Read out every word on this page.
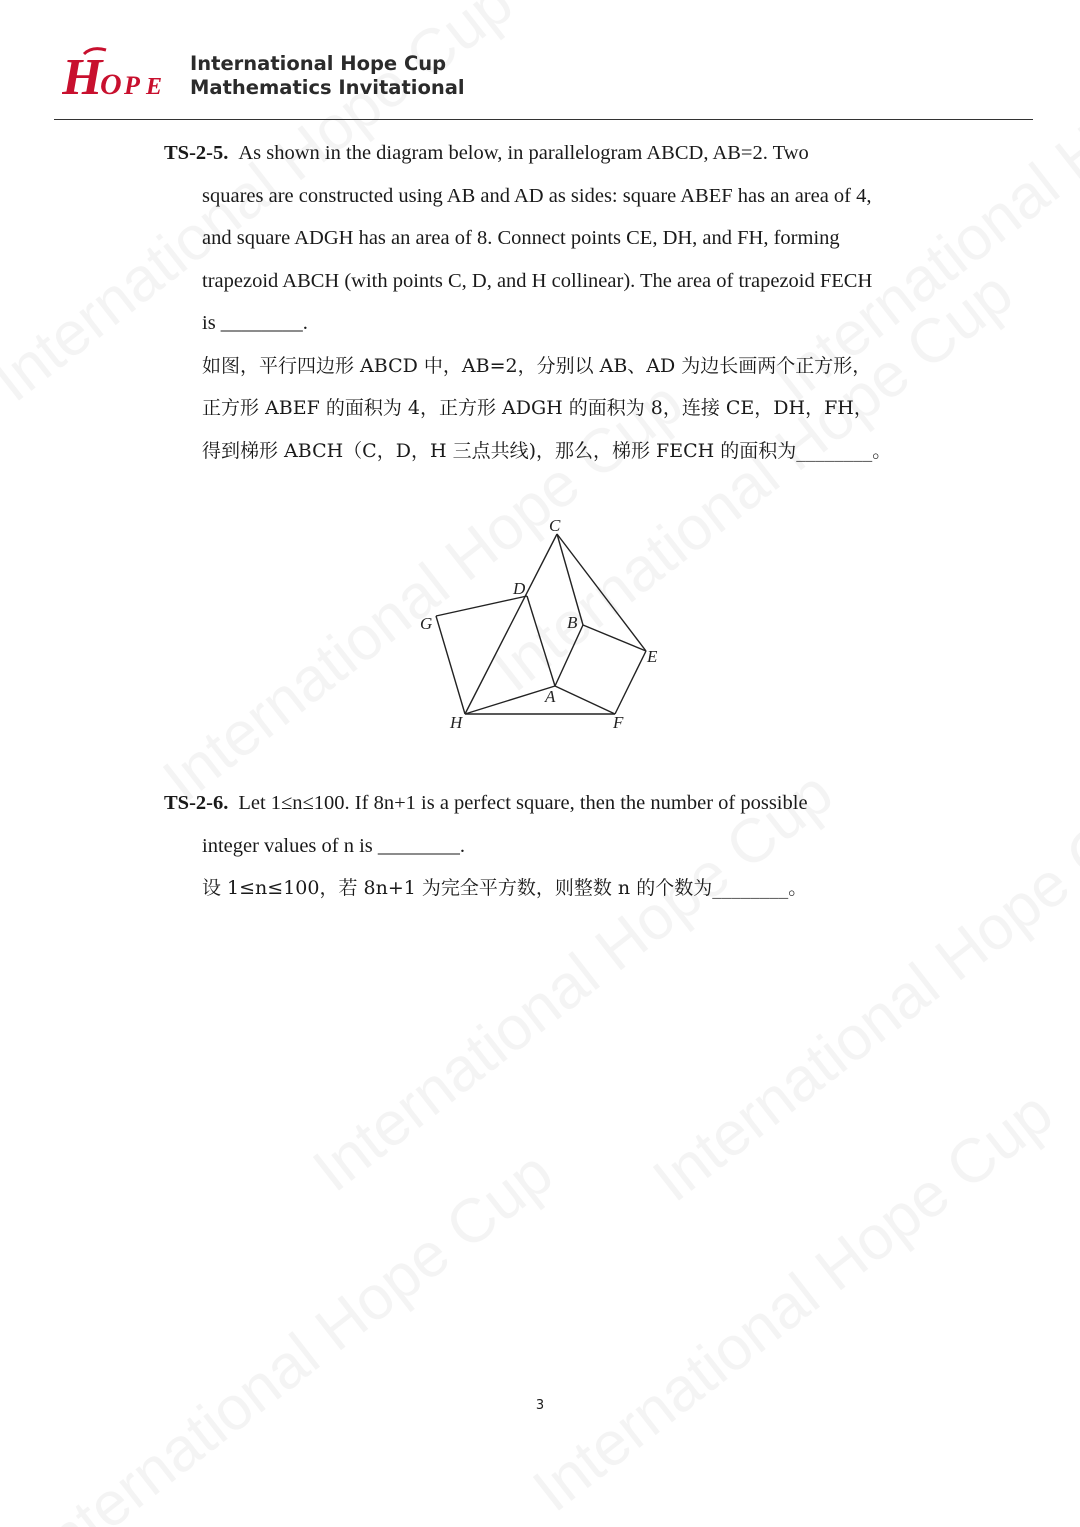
H
O P E
International Hope Cup
Mathematics Invitational
TS-2-5. As shown in the diagram below, in parallelogram ABCD, AB=2. Two
squares are constructed using AB and AD as sides: square ABEF has an area of 4,
and square ADGH has an area of 8. Connect points CE, DH, and FH, forming
trapezoid ABCH (with points C, D, and H collinear). The area of trapezoid FECH
is ________.
如图，平行四边形 ABCD 中，AB=2，分别以 AB、AD 为边长画两个正方形，
正方形 ABEF 的面积为 4，正方形 ADGH 的面积为 8，连接 CE，DH，FH，
得到梯形 ABCH（C，D，H 三点共线)，那么，梯形 FECH 的面积为________。
C
D
G	B
E
A
H	F
TS-2-6. Let 1≤n≤100. If 8n+1 is a perfect square, then the number of possible
integer values of n is ________.
设 1≤n≤100，若 8n+1 为完全平方数，则整数 n 的个数为________。
3
